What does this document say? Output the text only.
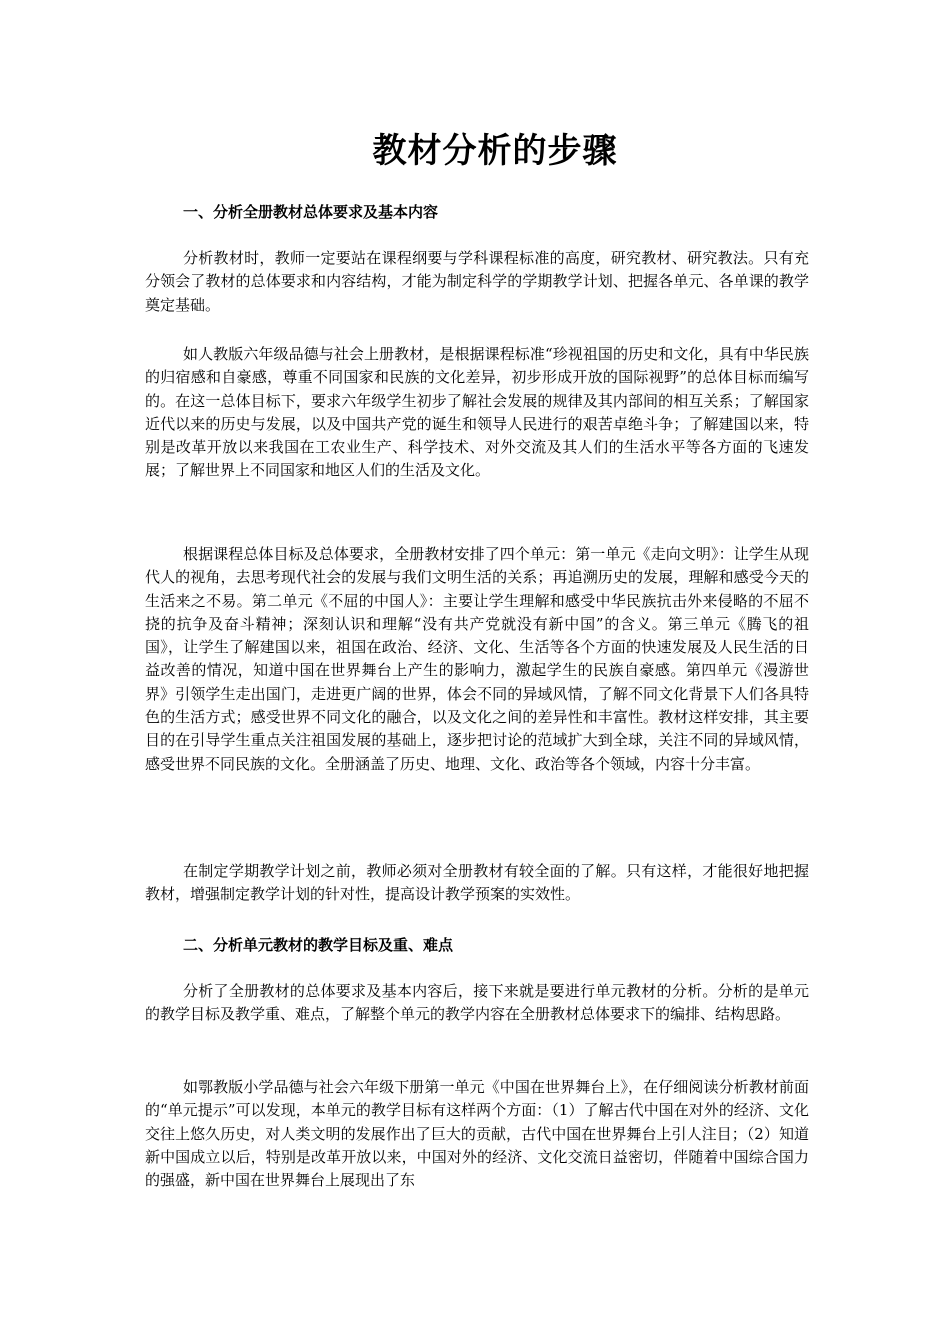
教材分析的步骤
一、分析全册教材总体要求及基本内容

分析教材时，教师一定要站在课程纲要与学科课程标准的高度，研究教材、研究教法。只有充分领会了教材的总体要求和内容结构，才能为制定科学的学期教学计划、把握各单元、各单课的教学奠定基础。

如人教版六年级品德与社会上册教材，是根据课程标准“珍视祖国的历史和文化，具有中华民族的归宿感和自豪感，尊重不同国家和民族的文化差异，初步形成开放的国际视野”的总体目标而编写的。在这一总体目标下，要求六年级学生初步了解社会发展的规律及其内部间的相互关系；了解国家近代以来的历史与发展，以及中国共产党的诞生和领导人民进行的艰苦卓绝斗争；了解建国以来，特别是改革开放以来我国在工农业生产、科学技术、对外交流及其人们的生活水平等各方面的飞速发展；了解世界上不同国家和地区人们的生活及文化。

根据课程总体目标及总体要求，全册教材安排了四个单元：第一单元《走向文明》：让学生从现代人的视角，去思考现代社会的发展与我们文明生活的关系；再追溯历史的发展，理解和感受今天的生活来之不易。第二单元《不屈的中国人》：主要让学生理解和感受中华民族抗击外来侵略的不屈不挠的抗争及奋斗精神；深刻认识和理解“没有共产党就没有新中国”的含义。第三单元《腾飞的祖国》，让学生了解建国以来，祖国在政治、经济、文化、生活等各个方面的快速发展及人民生活的日益改善的情况，知道中国在世界舞台上产生的影响力，激起学生的民族自豪感。第四单元《漫游世界》引领学生走出国门，走进更广阔的世界，体会不同的异域风情，了解不同文化背景下人们各具特色的生活方式；感受世界不同文化的融合，以及文化之间的差异性和丰富性。教材这样安排，其主要目的在引导学生重点关注祖国发展的基础上，逐步把讨论的范域扩大到全球，关注不同的异域风情，感受世界不同民族的文化。全册涵盖了历史、地理、文化、政治等各个领域，内容十分丰富。

在制定学期教学计划之前，教师必须对全册教材有较全面的了解。只有这样，才能很好地把握教材，增强制定教学计划的针对性，提高设计教学预案的实效性。

二、分析单元教材的教学目标及重、难点

分析了全册教材的总体要求及基本内容后，接下来就是要进行单元教材的分析。分析的是单元的教学目标及教学重、难点，了解整个单元的教学内容在全册教材总体要求下的编排、结构思路。

如鄂教版小学品德与社会六年级下册第一单元《中国在世界舞台上》，在仔细阅读分析教材前面的“单元提示”可以发现，本单元的教学目标有这样两个方面：（1）了解古代中国在对外的经济、文化交往上悠久历史，对人类文明的发展作出了巨大的贡献，古代中国在世界舞台上引人注目；（2）知道新中国成立以后，特别是改革开放以来，中国对外的经济、文化交流日益密切，伴随着中国综合国力的强盛，新中国在世界舞台上展现出了东
